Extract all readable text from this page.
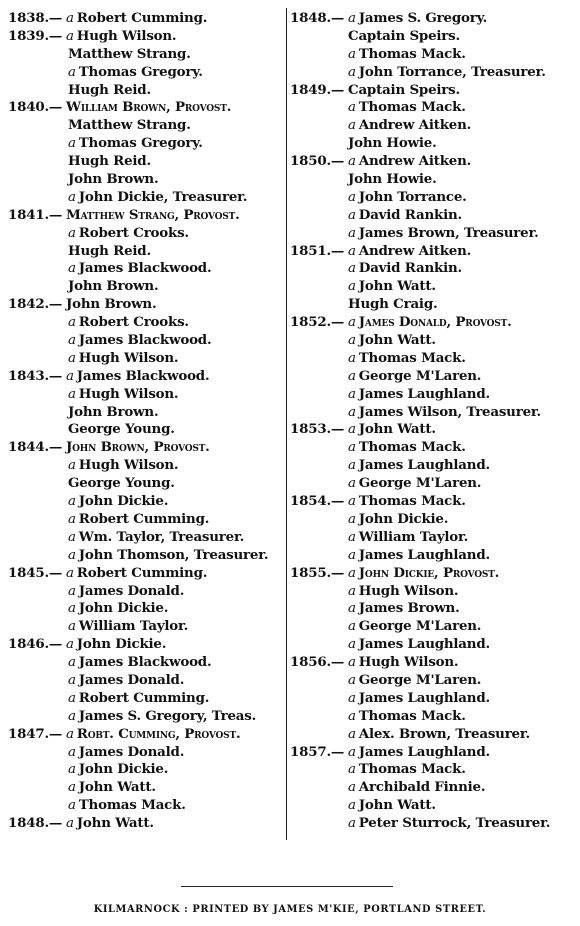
1838.— a Robert Cumming.
1839.— a Hugh Wilson.
Matthew Strang.
a Thomas Gregory.
Hugh Reid.
1840.— William Brown, Provost.
Matthew Strang.
a Thomas Gregory.
Hugh Reid.
John Brown.
a John Dickie, Treasurer.
1841.— Matthew Strang, Provost.
a Robert Crooks.
Hugh Reid.
a James Blackwood.
John Brown.
1842.— John Brown.
a Robert Crooks.
a James Blackwood.
a Hugh Wilson.
1843.— a James Blackwood.
a Hugh Wilson.
John Brown.
George Young.
1844.— John Brown, Provost.
a Hugh Wilson.
George Young.
a John Dickie.
a Robert Cumming.
a Wm. Taylor, Treasurer.
a John Thomson, Treasurer.
1845.— a Robert Cumming.
a James Donald.
a John Dickie.
a William Taylor.
1846.— a John Dickie.
a James Blackwood.
a James Donald.
a Robert Cumming.
a James S. Gregory, Treas.
1847.— a Robt. Cumming, Provost.
a James Donald.
a John Dickie.
a John Watt.
a Thomas Mack.
1848.— a John Watt.
1848.— a James S. Gregory.
Captain Speirs.
a Thomas Mack.
a John Torrance, Treasurer.
1849.— Captain Speirs.
a Thomas Mack.
a Andrew Aitken.
John Howie.
1850.— a Andrew Aitken.
John Howie.
a John Torrance.
a David Rankin.
a James Brown, Treasurer.
1851.— a Andrew Aitken.
a David Rankin.
a John Watt.
Hugh Craig.
1852.— a James Donald, Provost.
a John Watt.
a Thomas Mack.
a George M'Laren.
a James Laughland.
a James Wilson, Treasurer.
1853.— a John Watt.
a Thomas Mack.
a James Laughland.
a George M'Laren.
1854.— a Thomas Mack.
a John Dickie.
a William Taylor.
a James Laughland.
1855.— a John Dickie, Provost.
a Hugh Wilson.
a James Brown.
a George M'Laren.
a James Laughland.
1856.— a Hugh Wilson.
a George M'Laren.
a James Laughland.
a Thomas Mack.
a Alex. Brown, Treasurer.
1857.— a James Laughland.
a Thomas Mack.
a Archibald Finnie.
a John Watt.
a Peter Sturrock, Treasurer.
KILMARNOCK : PRINTED BY JAMES M'KIE, PORTLAND STREET.
